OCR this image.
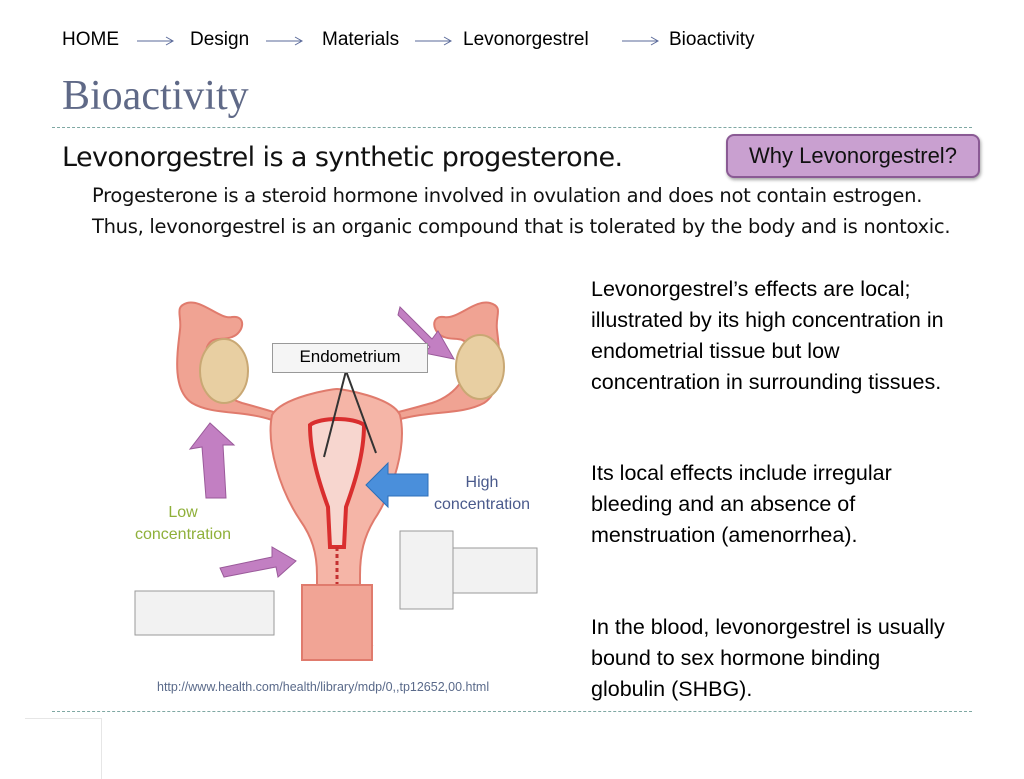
HOME	Design	Materials	Levonorgestrel	Bioactivity
Bioactivity
Levonorgestrel is a synthetic progesterone.
Progesterone is a steroid hormone involved in ovulation and does not contain estrogen. Thus, levonorgestrel is an organic compound that is tolerated by the body and is nontoxic.
Why Levonorgestrel?
Levonorgestrel’s effects are local; illustrated by its high concentration in endometrial tissue but low concentration in surrounding tissues.
Its local effects include irregular bleeding and an absence of menstruation (amenorrhea).
In the blood, levonorgestrel is usually bound to sex hormone binding globulin (SHBG).
Endometrium
High concentration
Low concentration
http://www.health.com/health/library/mdp/0,,tp12652,00.html
